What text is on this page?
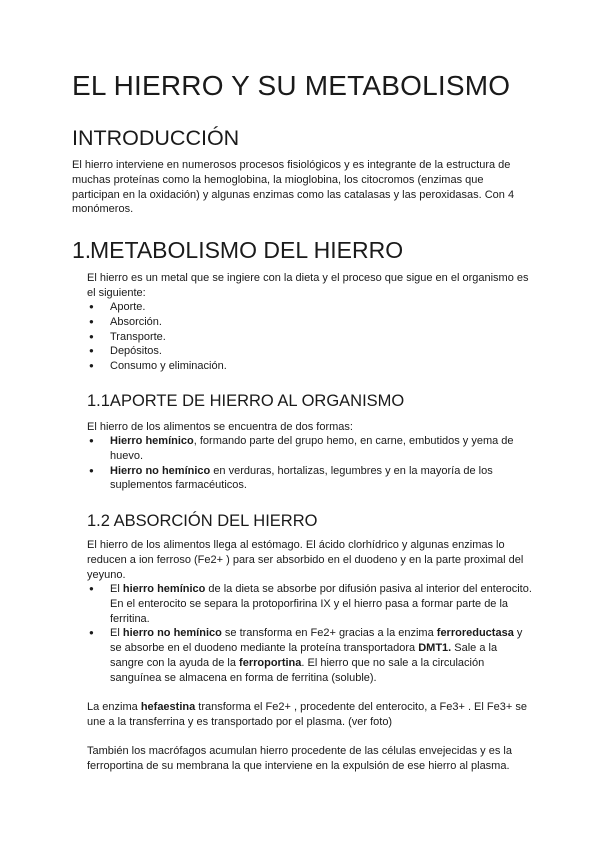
EL HIERRO Y SU METABOLISMO
INTRODUCCIÓN
El hierro interviene en numerosos procesos fisiológicos y es integrante de la estructura de muchas proteínas como la hemoglobina, la mioglobina, los citocromos (enzimas que participan en la oxidación) y algunas enzimas como las catalasas y las peroxidasas. Con 4 monómeros.
1.METABOLISMO DEL HIERRO
El hierro es un metal que se ingiere con la dieta y el proceso que sigue en el organismo es el siguiente:
● Aporte.
● Absorción.
● Transporte.
● Depósitos.
● Consumo y eliminación.
1.1APORTE DE HIERRO AL ORGANISMO
El hierro de los alimentos se encuentra de dos formas:
● Hierro hemínico, formando parte del grupo hemo, en carne, embutidos y yema de huevo.
● Hierro no hemínico en verduras, hortalizas, legumbres y en la mayoría de los suplementos farmacéuticos.
1.2 ABSORCIÓN DEL HIERRO
El hierro de los alimentos llega al estómago. El ácido clorhídrico y algunas enzimas lo reducen a ion ferroso (Fe2+ ) para ser absorbido en el duodeno y en la parte proximal del yeyuno.
● El hierro hemínico de la dieta se absorbe por difusión pasiva al interior del enterocito. En el enterocito se separa la protoporfirina IX y el hierro pasa a formar parte de la ferritina.
● El hierro no hemínico se transforma en Fe2+ gracias a la enzima ferroreductasa y se absorbe en el duodeno mediante la proteína transportadora DMT1. Sale a la sangre con la ayuda de la ferroportina. El hierro que no sale a la circulación sanguínea se almacena en forma de ferritina (soluble).
La enzima hefaestina transforma el Fe2+ , procedente del enterocito, a Fe3+ . El Fe3+ se une a la transferrina y es transportado por el plasma. (ver foto)
También los macrófagos acumulan hierro procedente de las células envejecidas y es la ferroportina de su membrana la que interviene en la expulsión de ese hierro al plasma.
